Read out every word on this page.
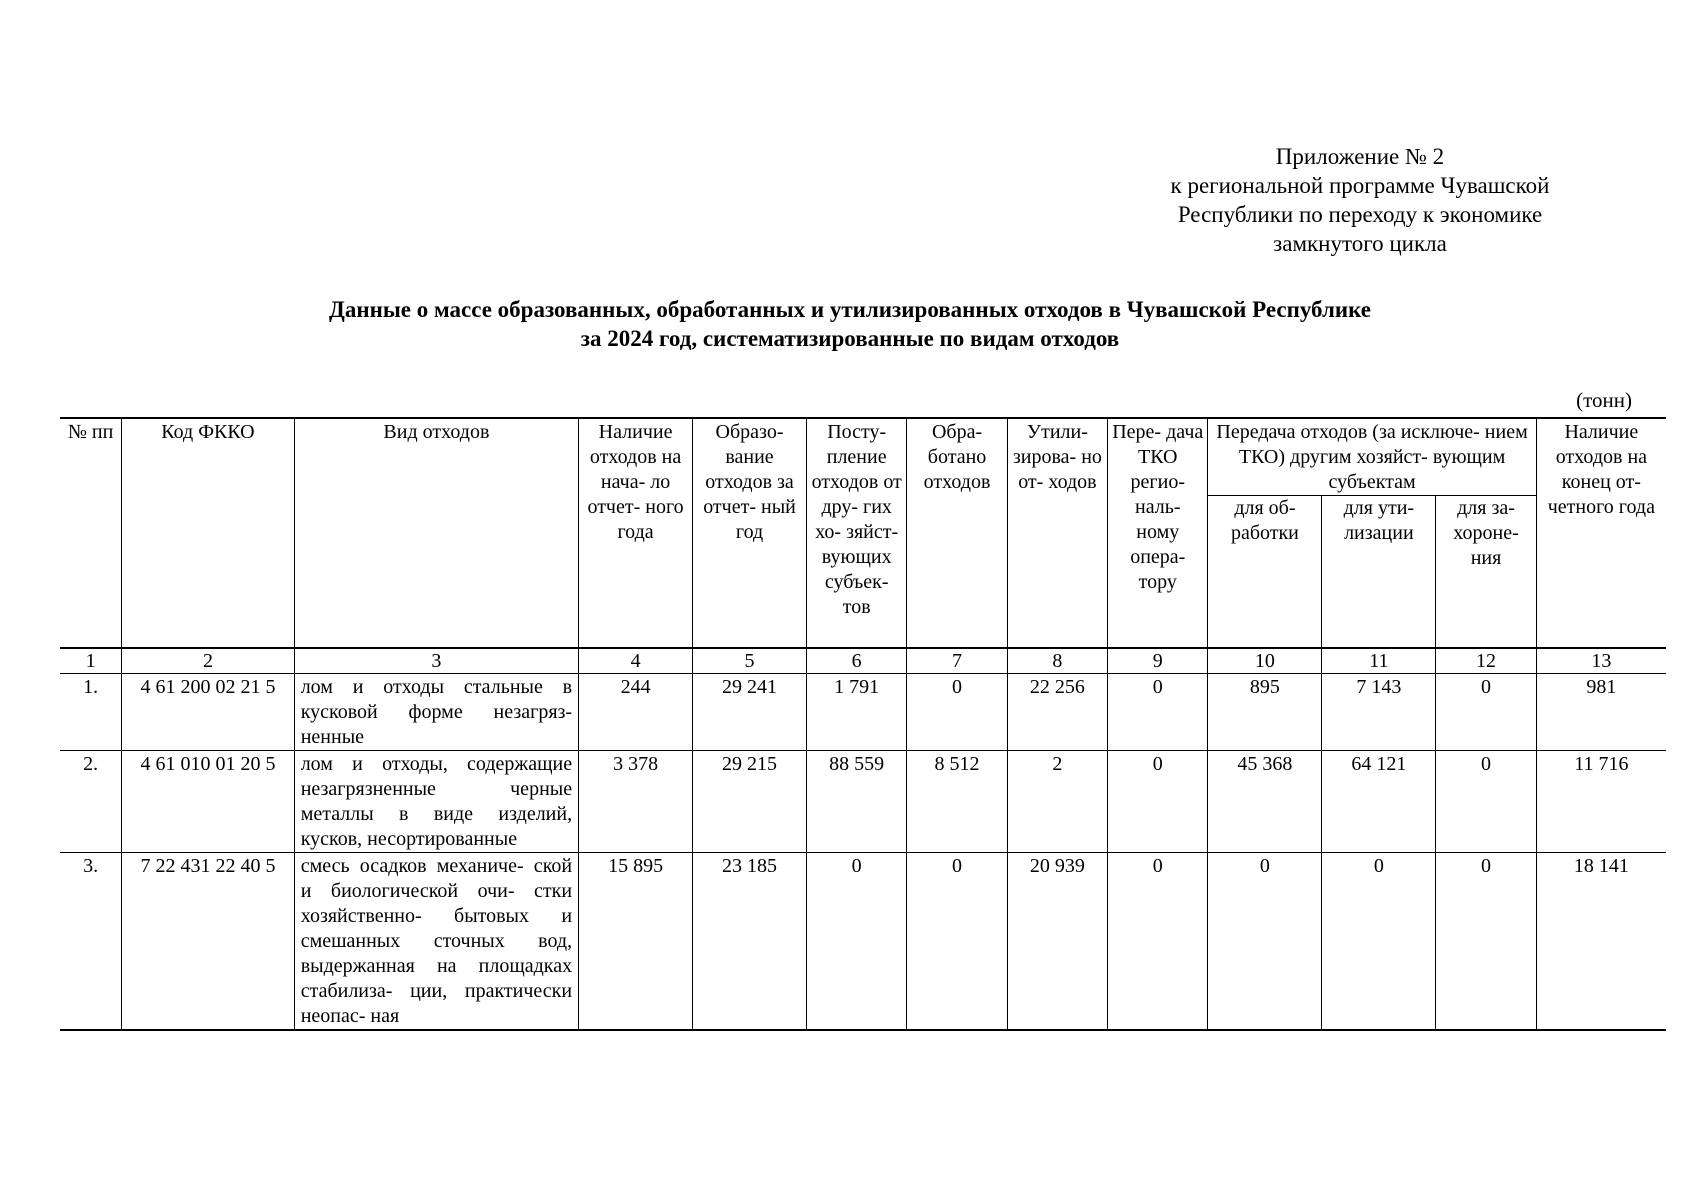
Приложение № 2
к региональной программе Чувашской
Республики по переходу к экономике
замкнутого цикла
Данные о массе образованных, обработанных и утилизированных отходов в Чувашской Республике
за 2024 год, систематизированные по видам отходов
(тонн)
№ пп	Код ФККО	Вид отходов	Наличие отходов на нача- ло отчет- ного года	Образо- вание отходов за отчет- ный год	Посту- пление отходов от дру- гих хо- зяйст- вующих субъек- тов	Обра- ботано отходов	Утили- зирова- но от- ходов	Пере- дача ТКО регио- наль- ному опера- тору	Передача отходов (за исключе- нием ТКО) другим хозяйст- вующим субъектам			Наличие отходов на конец от- четного года
									для об- работки	для ути- лизации	для за- хороне- ния	
1	2	3	4	5	6	7	8	9	10	11	12	13
1.	4 61 200 02 21 5	лом и отходы стальные в кусковой форме незагряз- ненные	244	29 241	1 791	0	22 256	0	895	7 143	0	981
2.	4 61 010 01 20 5	лом и отходы, содержащие незагрязненные черные металлы в виде изделий, кусков, несортированные	3 378	29 215	88 559	8 512	2	0	45 368	64 121	0	11 716
3.	7 22 431 22 40 5	смесь осадков механиче- ской и биологической очи- стки хозяйственно- бытовых и смешанных сточных вод, выдержанная на площадках стабилиза- ции, практически неопас- ная	15 895	23 185	0	0	20 939	0	0	0	0	18 141
